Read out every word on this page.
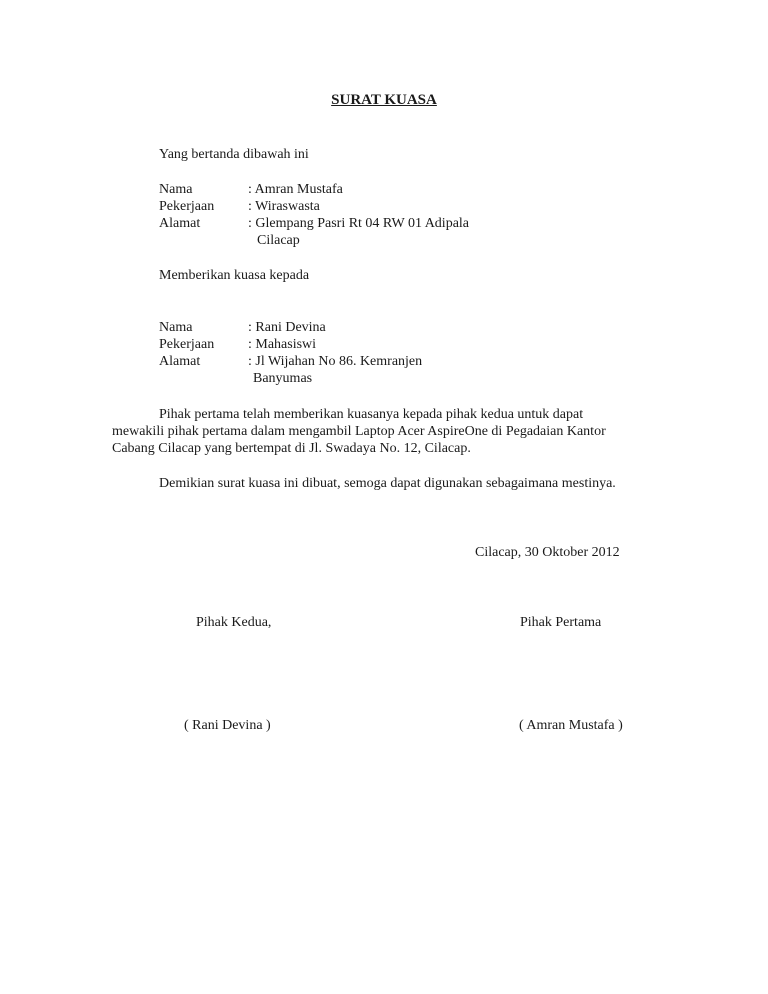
SURAT KUASA
Yang bertanda dibawah ini
Nama	: Amran Mustafa
Pekerjaan : Wiraswasta
Alamat	: Glempang Pasri Rt 04 RW 01 Adipala
Cilacap
Memberikan kuasa kepada
Nama	: Rani Devina
Pekerjaan : Mahasiswi
Alamat	: Jl Wijahan No 86. Kemranjen
Banyumas
Pihak pertama telah memberikan kuasanya kepada pihak kedua untuk dapat
mewakili pihak pertama dalam mengambil Laptop Acer AspireOne di Pegadaian Kantor
Cabang Cilacap yang bertempat di Jl. Swadaya No. 12, Cilacap.
Demikian surat kuasa ini dibuat, semoga dapat digunakan sebagaimana mestinya.
Cilacap, 30 Oktober 2012
Pihak Kedua,	Pihak Pertama
( Rani Devina )	( Amran Mustafa )
